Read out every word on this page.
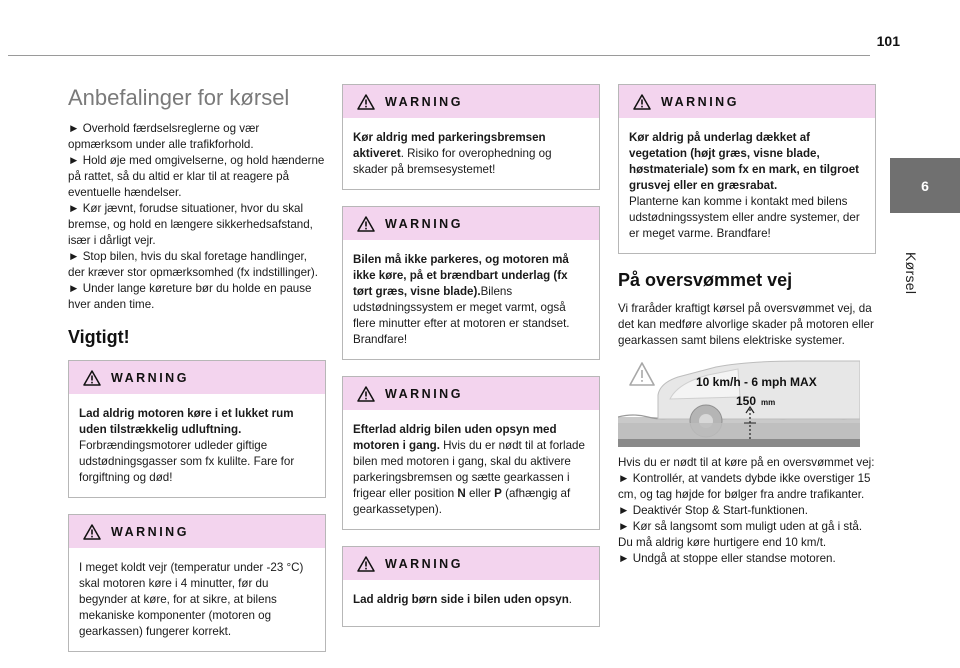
101
6
Kørsel
Anbefalinger for kørsel

► Overhold færdselsreglerne og vær opmærksom under alle trafikforhold.
► Hold øje med omgivelserne, og hold hænderne på rattet, så du altid er klar til at reagere på eventuelle hændelser.
► Kør jævnt, forudse situationer, hvor du skal bremse, og hold en længere sikkerhedsafstand, især i dårligt vejr.
► Stop bilen, hvis du skal foretage handlinger, der kræver stor opmærksomhed (fx indstillinger).
► Under lange køreture bør du holde en pause hver anden time.

Vigtigt!
WARNING

Lad aldrig motoren køre i et lukket rum uden tilstrækkelig udluftning.
Forbrændingsmotorer udleder giftige udstødningsgasser som fx kulilte. Fare for forgiftning og død!

WARNING

I meget koldt vejr (temperatur under -23 °C) skal motoren køre i 4 minutter, før du begynder at køre, for at sikre, at bilens mekaniske komponenter (motoren og gearkassen) fungerer korrekt.

WARNING

Kør aldrig med parkeringsbremsen aktiveret. Risiko for overophedning og skader på bremsesystemet!

WARNING

Bilen må ikke parkeres, og motoren må ikke køre, på et brændbart underlag (fx tørt græs, visne blade).Bilens udstødningssystem er meget varmt, også flere minutter efter at motoren er standset. Brandfare!

WARNING

Efterlad aldrig bilen uden opsyn med motoren i gang. Hvis du er nødt til at forlade bilen med motoren i gang, skal du aktivere parkeringsbremsen og sætte gearkassen i frigear eller position N eller P (afhængig af gearkassetypen).

WARNING

Lad aldrig børn side i bilen uden opsyn.

WARNING

Kør aldrig på underlag dækket af vegetation (højt græs, visne blade, høstmateriale) som fx en mark, en tilgroet grusvej eller en græsrabat.
Planterne kan komme i kontakt med bilens udstødningssystem eller andre systemer, der er meget varme. Brandfare!

På oversvømmet vej

Vi fraråder kraftigt kørsel på oversvømmet vej, da det kan medføre alvorlige skader på motoren eller gearkassen samt bilens elektriske systemer.

10 km/h - 6 mph MAX
150 mm

Hvis du er nødt til at køre på en oversvømmet vej:
► Kontrollér, at vandets dybde ikke overstiger 15 cm, og tag højde for bølger fra andre trafikanter.
► Deaktivér Stop & Start-funktionen.
► Kør så langsomt som muligt uden at gå i stå.
Du må aldrig køre hurtigere end 10 km/t.
► Undgå at stoppe eller standse motoren.
